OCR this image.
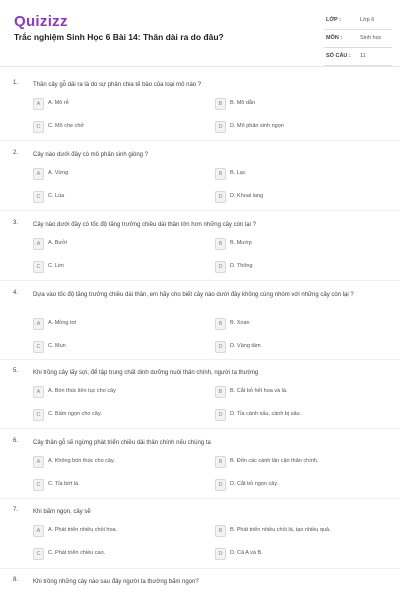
Quizizz
Trắc nghiệm Sinh Học 6 Bài 14: Thân dài ra do đâu?
LỚP :	Lớp 6
MÔN :	Sinh học
SỐ CÂU : 11
1. Thân cây gỗ dài ra là do sự phân chia tế bào của loại mô nào ?
A	A. Mô rễ	B	B. Mô dẫn
C	C. Mô che chở	D	D. Mô phân sinh ngọn
2. Cây nào dưới đây có mô phân sinh giòng ?
A	A. Vừng	B	B. Lạc
C	C. Lúa	D	D. Khoai lang
3. Cây nào dưới đây có tốc độ tăng trưởng chiều dài thân lớn hơn những cây còn lại ?
A	A. Bưởi	B	B. Mướp
C	C. Lim	D	D. Thông
4. Dựa vào tốc độ tăng trưởng chiều dài thân, em hãy cho biết cây nào dưới đây không cùng nhóm với những cây còn lại ?
A	A. Mồng tơi	B	B. Xoan
C	C. Mun	D	D. Vàng tâm
5. Khi trồng cây lấy sợi, để tập trung chất dinh dưỡng nuôi thân chính, người ta thường
A	A. Bón thúc liên tục cho cây	B	B. Cắt bỏ hết hoa và lá.
C	C. Bấm ngọn cho cây.	D	D. Tỉa cành xấu, cành bị sâu.
6. Cây thân gỗ sẽ ngừng phát triển chiều dài thân chính nếu chúng ta
A	A. Không bón thúc cho cây.	B	B. Đốn các cành lân cận thân chính.
C	C. Tỉa bớt lá.	D	D. Cắt bỏ ngọn cây.
7. Khi bấm ngọn, cây sẽ
A	A. Phát triển nhiều chồi hoa.	B	B. Phát triển nhiều chồi lá, tạo nhiều quả.
C	C. Phát triển chiều cao.	D	D. Cả A và B.
8. Khi trồng những cây nào sau đây người ta thường bấm ngọn?
